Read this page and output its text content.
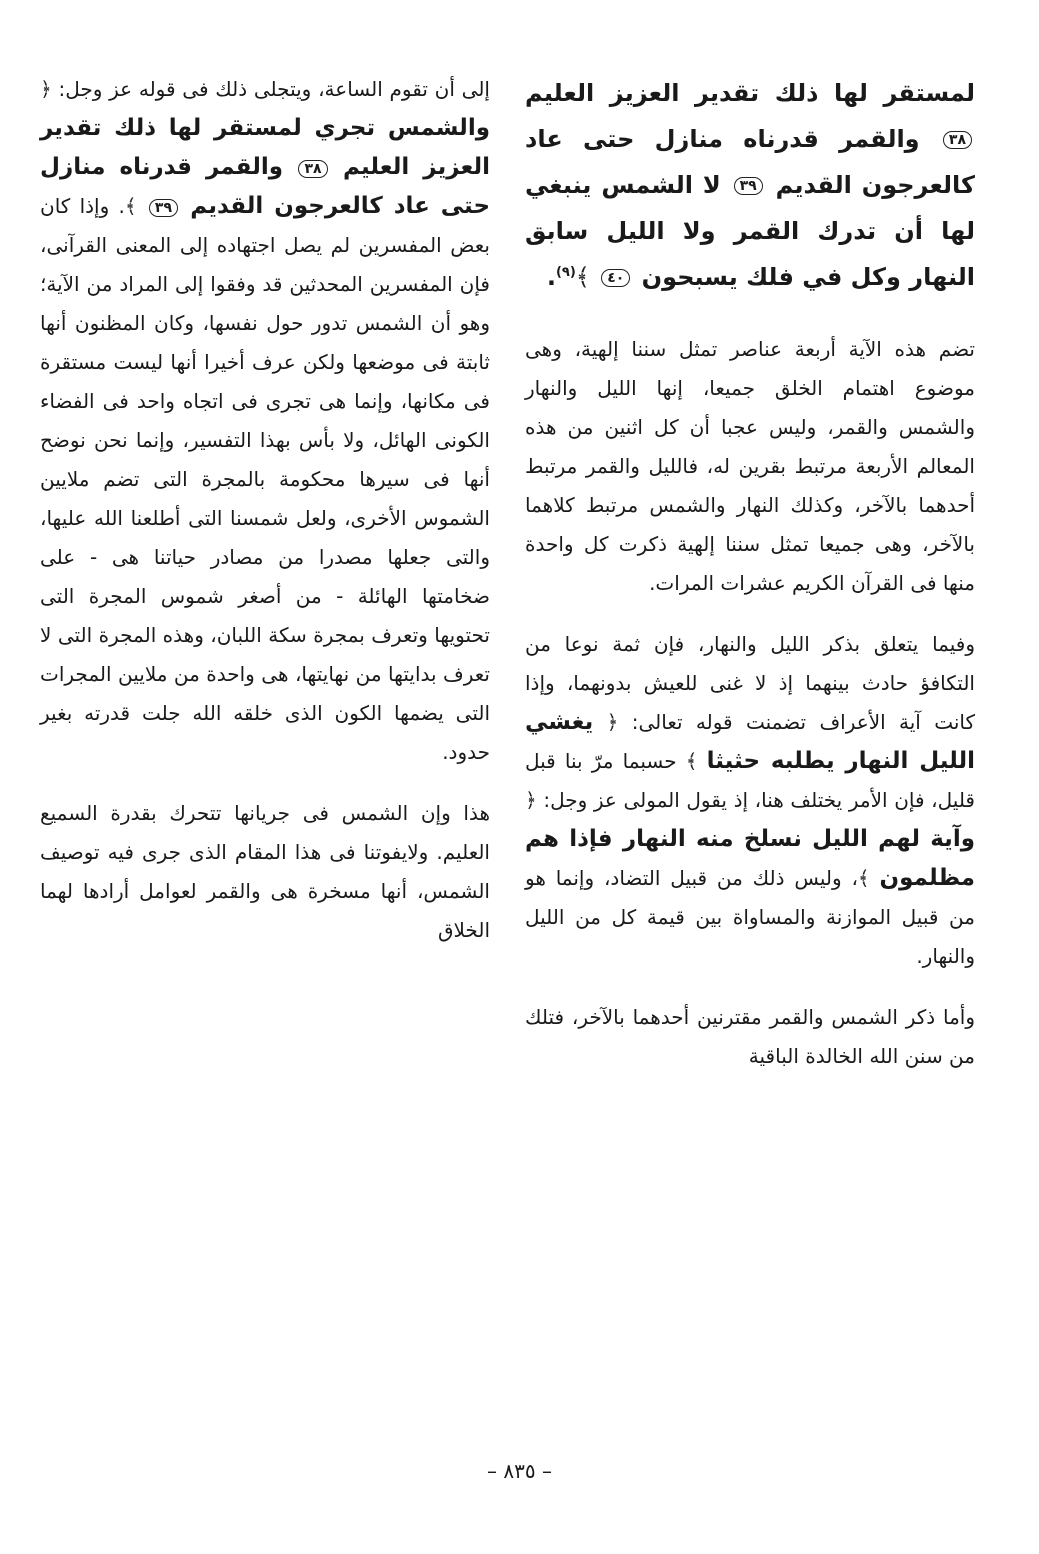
لمستقر لها ذلك تقدير العزيز العليم ٣٨ والقمر قدرناه منازل حتى عاد كالعرجون القديم ٣٩ لا الشمس ينبغي لها أن تدرك القمر ولا الليل سابق النهار وكل في فلك يسبحون ٤٠ ﴾$^{(٩)}$.

تضم هذه الآية أربعة عناصر تمثل سننا إلهية، وهى موضوع اهتمام الخلق جميعا، إنها الليل والنهار والشمس والقمر، وليس عجبا أن كل اثنين من هذه المعالم الأربعة مرتبط بقرين له، فالليل والقمر مرتبط أحدهما بالآخر، وكذلك النهار والشمس مرتبط كلاهما بالآخر، وهى جميعا تمثل سننا إلهية ذكرت كل واحدة منها فى القرآن الكريم عشرات المرات.

وفيما يتعلق بذكر الليل والنهار، فإن ثمة نوعا من التكافؤ حادث بينهما إذ لا غنى للعيش بدونهما، وإذا كانت آية الأعراف تضمنت قوله تعالى: ﴿ يغشي الليل النهار يطلبه حثيثا ﴾ حسبما مرّ بنا قبل قليل، فإن الأمر يختلف هنا، إذ يقول المولى عز وجل: ﴿ وآية لهم الليل نسلخ منه النهار فإذا هم مظلمون ﴾، وليس ذلك من قبيل التضاد، وإنما هو من قبيل الموازنة والمساواة بين قيمة كل من الليل والنهار.

وأما ذكر الشمس والقمر مقترنين أحدهما بالآخر، فتلك من سنن الله الخالدة الباقية

إلى أن تقوم الساعة، ويتجلى ذلك فى قوله عز وجل: ﴿ والشمس تجري لمستقر لها ذلك تقدير العزيز العليم ٣٨ والقمر قدرناه منازل حتى عاد كالعرجون القديم ٣٩ ﴾. وإذا كان بعض المفسرين لم يصل اجتهاده إلى المعنى القرآنى، فإن المفسرين المحدثين قد وفقوا إلى المراد من الآية؛ وهو أن الشمس تدور حول نفسها، وكان المظنون أنها ثابتة فى موضعها ولكن عرف أخيرا أنها ليست مستقرة فى مكانها، وإنما هى تجرى فى اتجاه واحد فى الفضاء الكونى الهائل، ولا بأس بهذا التفسير، وإنما نحن نوضح أنها فى سيرها محكومة بالمجرة التى تضم ملايين الشموس الأخرى، ولعل شمسنا التى أطلعنا الله عليها، والتى جعلها مصدرا من مصادر حياتنا هى - على ضخامتها الهائلة - من أصغر شموس المجرة التى تحتويها وتعرف بمجرة سكة اللبان، وهذه المجرة التى لا تعرف بدايتها من نهايتها، هى واحدة من ملايين المجرات التى يضمها الكون الذى خلقه الله جلت قدرته بغير حدود.

هذا وإن الشمس فى جريانها تتحرك بقدرة السميع العليم. ولايفوتنا فى هذا المقام الذى جرى فيه توصيف الشمس، أنها مسخرة هى والقمر لعوامل أرادها لهما الخلاق

– ٨٣٥ –
